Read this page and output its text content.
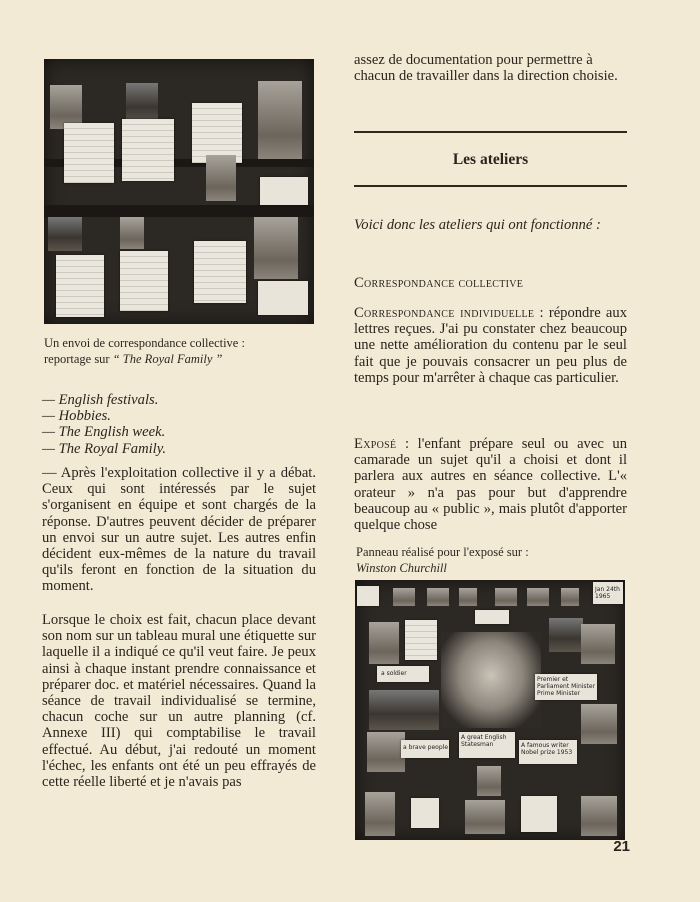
Un envoi de correspondance collective :
reportage sur “ The Royal Family ”
— English festivals.
— Hobbies.
— The English week.
— The Royal Family.

— Après l'exploitation collective il y a débat. Ceux qui sont intéressés par le sujet s'organisent en équipe et sont chargés de la réponse. D'autres peuvent décider de préparer un envoi sur un autre sujet. Les autres enfin décident eux-mêmes de la nature du travail qu'ils feront en fonction de la situation du moment.

Lorsque le choix est fait, chacun place devant son nom sur un tableau mural une étiquette sur laquelle il a indiqué ce qu'il veut faire. Je peux ainsi à chaque instant prendre connaissance et préparer doc. et matériel nécessaires. Quand la séance de travail individualisé se termine, chacun coche sur un autre planning (cf. Annexe III) qui comptabilise le travail effectué. Au début, j'ai redouté un moment l'échec, les enfants ont été un peu effrayés de cette réelle liberté et je n'avais pas

assez de documentation pour permettre à chacun de travailler dans la direction choisie.

Les ateliers

Voici donc les ateliers qui ont fonctionné :

Correspondance collective

Correspondance individuelle : répondre aux lettres reçues. J'ai pu constater chez beaucoup une nette amélioration du contenu par le seul fait que je pouvais consacrer un peu plus de temps pour m'arrêter à chaque cas particulier.

Exposé : l'enfant prépare seul ou avec un camarade un sujet qu'il a choisi et dont il parlera aux autres en séance collective. L'« orateur » n'a pas pour but d'apprendre beaucoup au « public », mais plutôt d'apporter quelque chose

Panneau réalisé pour l'exposé sur :
Winston Churchill
Jan 24th 1965
a soldier
Premier et Parliament Minister Prime Minister
a brave people
A great English Statesman	A famous writer Nobel prize 1953
21
